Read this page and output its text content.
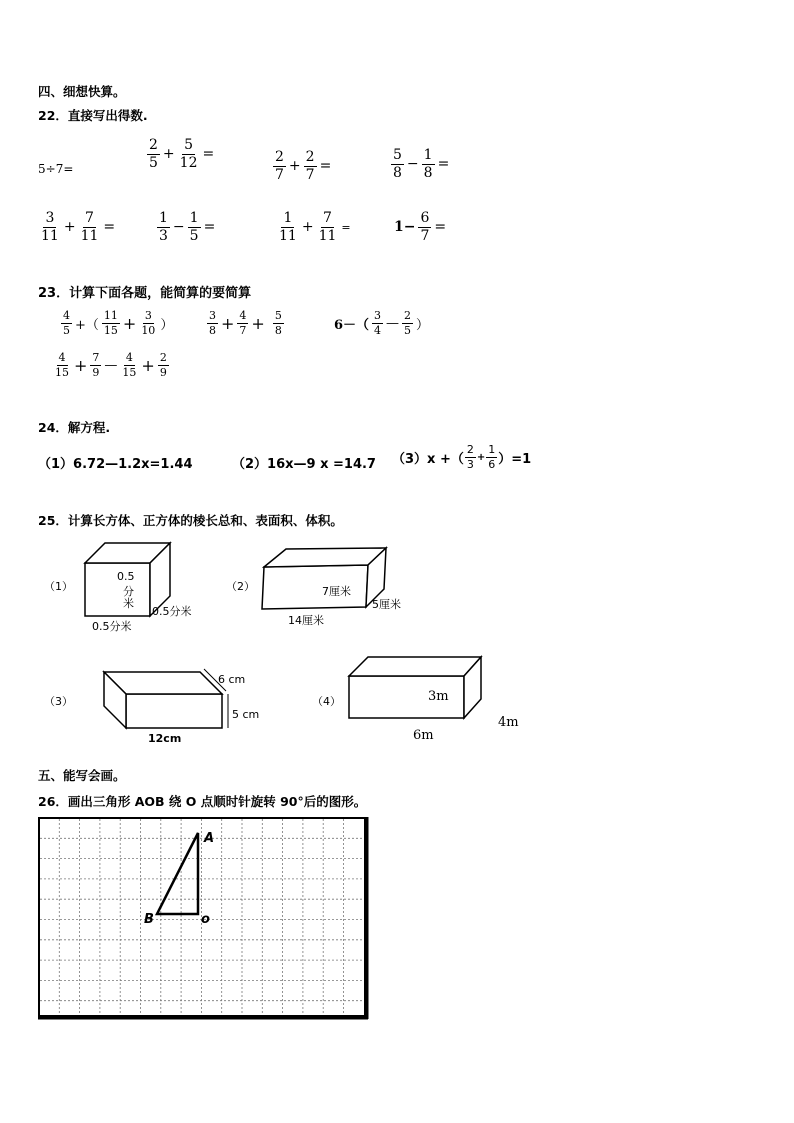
四、细想快算。
22．直接写出得数.
5÷7=	$\frac{2}{5} + \frac{5}{12}$ =	$\frac{2}{7} + \frac{2}{7}$ =	$\frac{5}{8} - \frac{1}{8}$ =
$\frac{3}{11} + \frac{7}{11}$ =	$\frac{1}{3} - \frac{1}{5}$ =	$\frac{1}{11} + \frac{7}{11}$ =	$1- \frac{6}{7}$ =
23．计算下面各题，能简算的要简算
$\frac{4}{5}$ +（ $\frac{11}{15} + \frac{3}{10}$ ）	$\frac{3}{8} + \frac{4}{7} + \frac{5}{8}$	$6-( \frac{3}{4}$ — $\frac{2}{5}$ ）
$\frac{4}{15} + \frac{7}{9}$ — $\frac{4}{15} + \frac{2}{9}$
24．解方程.
（1）6.72—1.2x=1.44	（2）16x—9 x =14.7 （3）x +（ $\frac{2}{3} + \frac{1}{6} )=1$
25．计算长方体、正方体的棱长总和、表面积、体积。
（1）
0.5
分
米
0.5分米
0.5分米
（2）	7厘米
5厘米
14厘米
（3）
6 cm
5 cm
12cm
（4）	3m
6m
4m
五、能写会画。
26．画出三角形 AOB 绕 O 点顺时针旋转 90°后的图形。
A
B	o
